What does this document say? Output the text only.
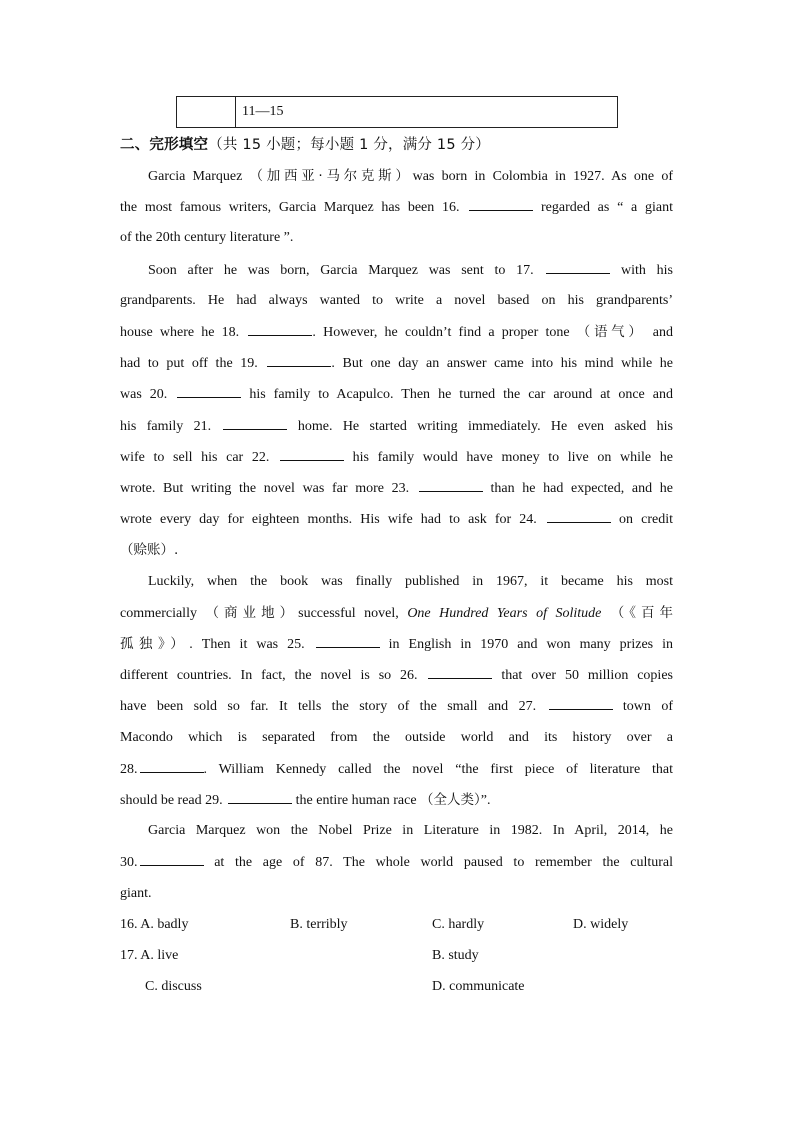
11—15
二、完形填空（共 15 小题；每小题 1 分，满分 15 分）
Garcia Marquez （加西亚·马尔克斯）was born in Colombia in 1927. As one of
the most famous writers, Garcia Marquez has been 16.	regarded as “ a giant
of the 20th century literature ”.
Soon after he was born, Garcia Marquez was sent to 17.	with his
grandparents. He had always wanted to write a novel based on his grandparents’
house where he 18.	. However, he couldn’t find a proper tone （语气） and
had to put off the 19.	. But one day an answer came into his mind while he
was 20.	his family to Acapulco. Then he turned the car around at once and
his family 21.	home. He started writing immediately. He even asked his
wife to sell his car 22.	his family would have money to live on while he
wrote. But writing the novel was far more 23.	than he had expected, and he
wrote every day for eighteen months. His wife had to ask for 24.	on credit
（赊账）.
Luckily, when the book was finally published in 1967, it became his most
commercially （商业地）successful novel, One Hundred Years of Solitude （《百年
孤独》）. Then it was 25.	in English in 1970 and won many prizes in
different countries. In fact, the novel is so 26.	that over 50 million copies
have been sold so far. It tells the story of the small and 27.	town of
Macondo which is separated from the outside world and its history over a
28.	. William Kennedy called the novel “the first piece of literature that
should be read 29.	the entire human race （全人类）”.
Garcia Marquez won the Nobel Prize in Literature in 1982. In April, 2014, he
30.	at the age of 87. The whole world paused to remember the cultural
giant.
16. A. badly	B. terribly	C. hardly	D. widely
17. A. live	B. study
C. discuss	D. communicate
